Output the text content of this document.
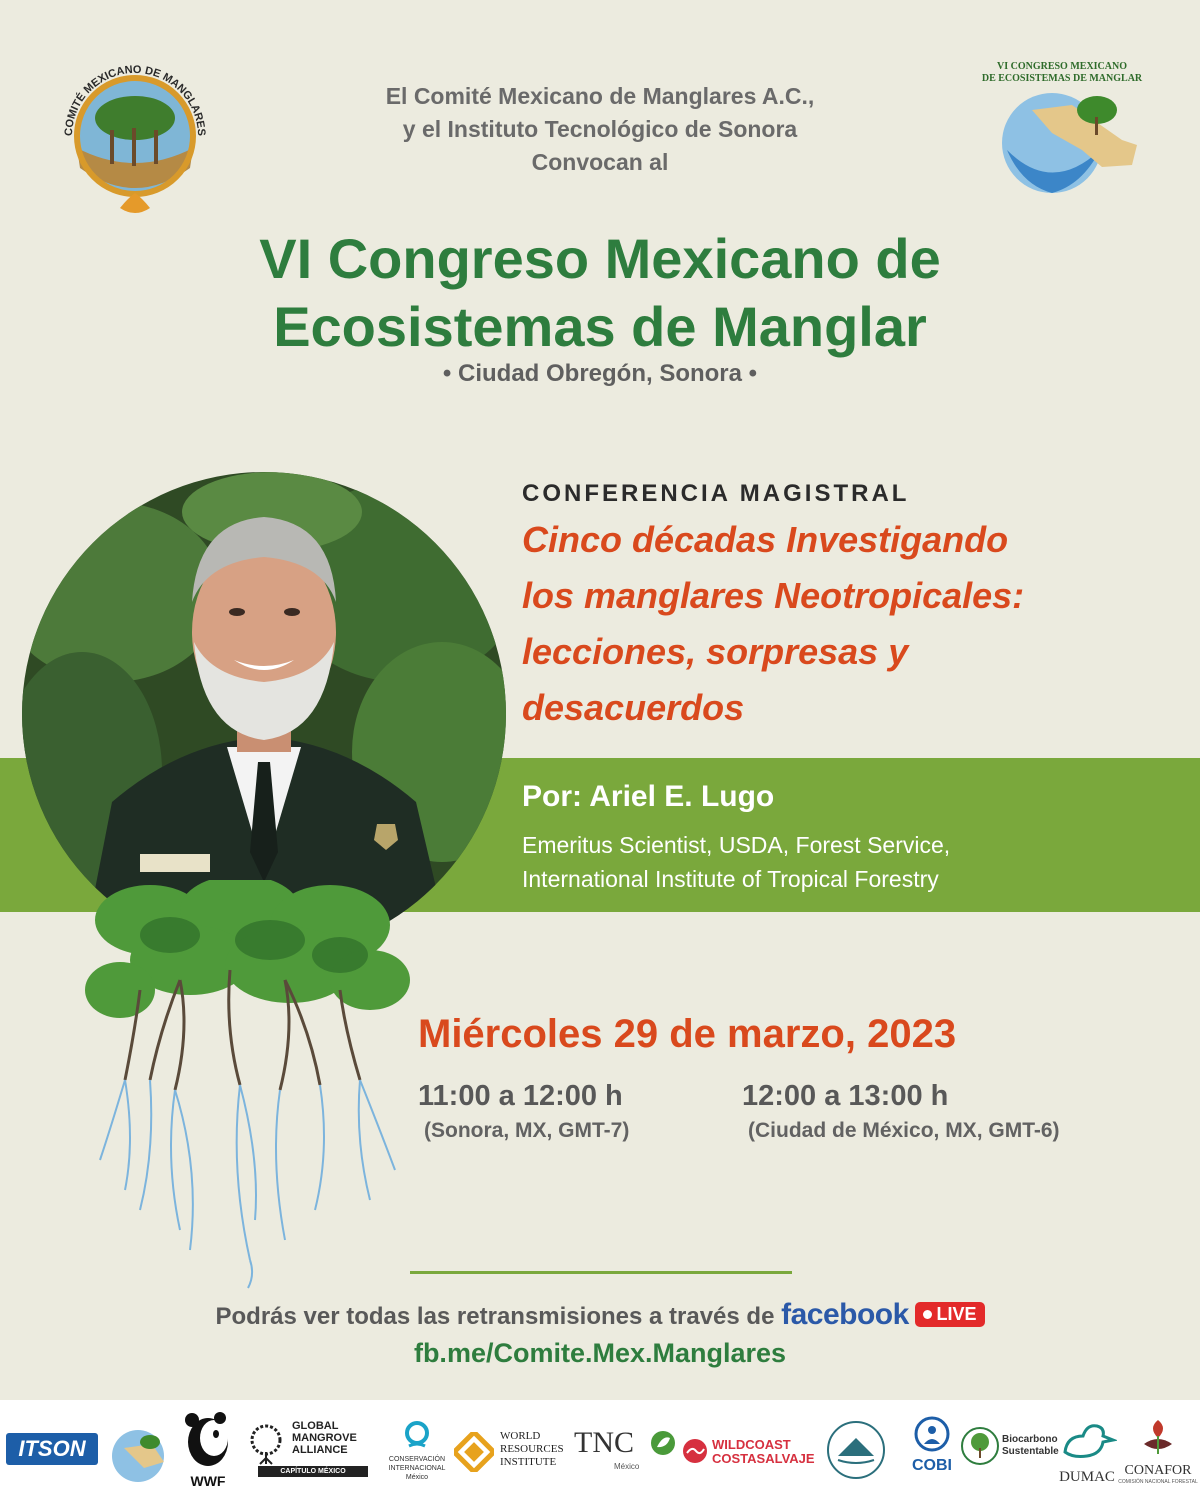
COMITÉ MEXICANO DE MANGLARES
VI CONGRESO MEXICANO
DE ECOSISTEMAS DE MANGLAR
El Comité Mexicano de Manglares A.C.,
y el Instituto Tecnológico de Sonora
Convocan al
VI Congreso Mexicano de
Ecosistemas de Manglar
• Ciudad Obregón, Sonora •
CONFERENCIA MAGISTRAL
Cinco décadas Investigando
los manglares Neotropicales:
lecciones, sorpresas y
desacuerdos
Por: Ariel E. Lugo
Emeritus Scientist, USDA, Forest Service,
International Institute of Tropical Forestry
Miércoles 29 de marzo, 2023
11:00 a 12:00 h
(Sonora, MX, GMT-7)
12:00 a 13:00 h
(Ciudad de México, MX, GMT-6)
Podrás ver todas las retransmisiones a través de facebook LIVE
fb.me/Comite.Mex.Manglares
ITSON
WWF
GLOBAL
MANGROVE
ALLIANCE
CAPÍTULO MÉXICO
CONSERVACIÓN
INTERNACIONAL
México
WORLD
RESOURCES
INSTITUTE
TNC
México
WILDCOAST
COSTASALVAJE	COBI
Biocarbono
Sustentable
DUMAC CONAFOR
COMISIÓN NACIONAL FORESTAL
